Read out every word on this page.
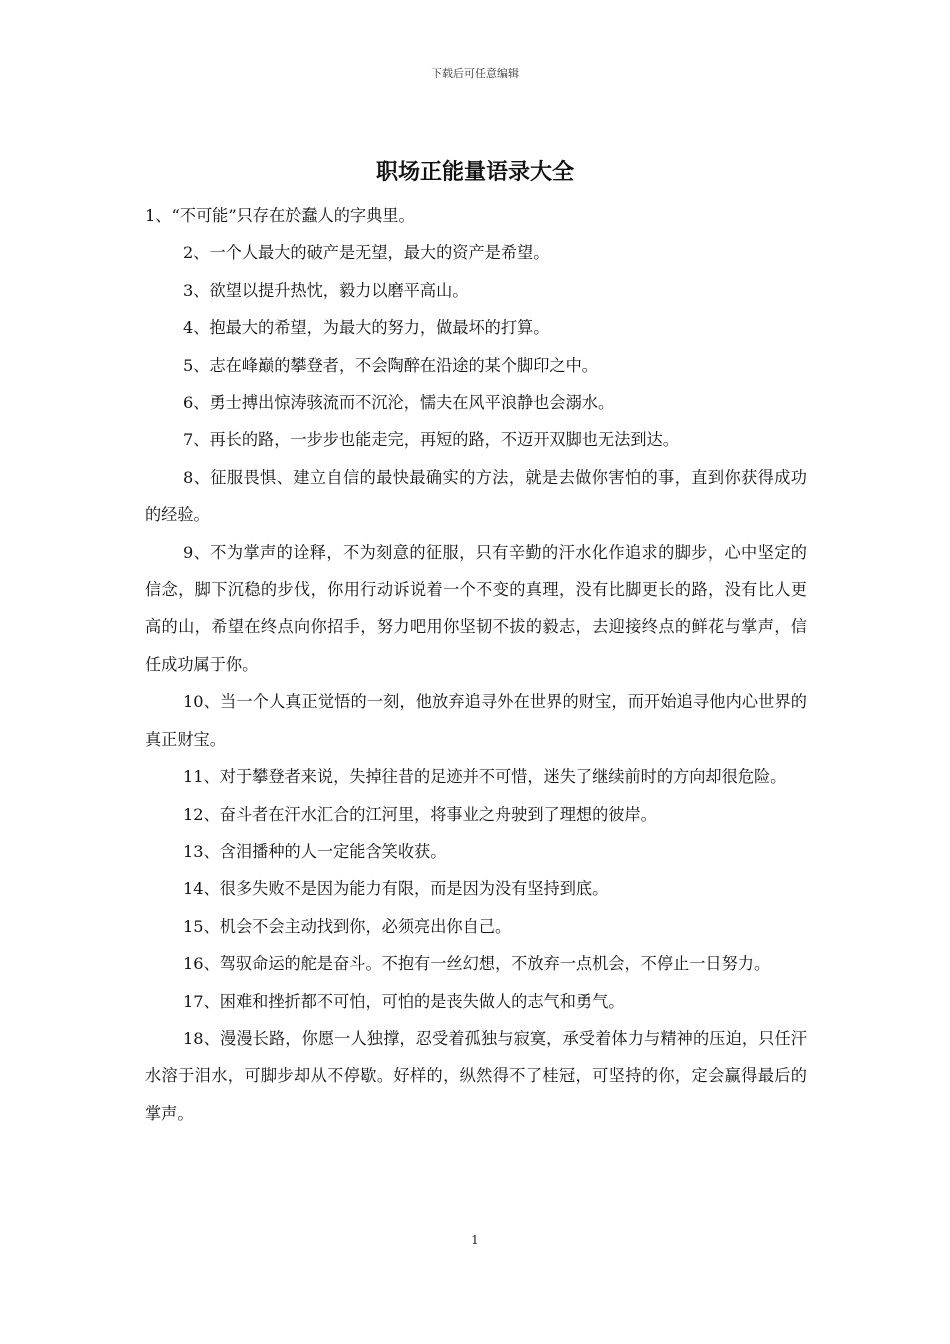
下载后可任意编辑
职场正能量语录大全

1、“不可能”只存在於蠢人的字典里。

2、一个人最大的破产是无望，最大的资产是希望。

3、欲望以提升热忱，毅力以磨平高山。

4、抱最大的希望，为最大的努力，做最坏的打算。

5、志在峰巅的攀登者，不会陶醉在沿途的某个脚印之中。

6、勇士搏出惊涛骇流而不沉沦，懦夫在风平浪静也会溺水。

7、再长的路，一步步也能走完，再短的路，不迈开双脚也无法到达。

8、征服畏惧、建立自信的最快最确实的方法，就是去做你害怕的事，直到你获得成功的经验。

9、不为掌声的诠释，不为刻意的征服，只有辛勤的汗水化作追求的脚步，心中坚定的信念，脚下沉稳的步伐，你用行动诉说着一个不变的真理，没有比脚更长的路，没有比人更高的山，希望在终点向你招手，努力吧用你坚韧不拔的毅志，去迎接终点的鲜花与掌声，信任成功属于你。

10、当一个人真正觉悟的一刻，他放弃追寻外在世界的财宝，而开始追寻他内心世界的真正财宝。

11、对于攀登者来说，失掉往昔的足迹并不可惜，迷失了继续前时的方向却很危险。

12、奋斗者在汗水汇合的江河里，将事业之舟驶到了理想的彼岸。

13、含泪播种的人一定能含笑收获。

14、很多失败不是因为能力有限，而是因为没有坚持到底。

15、机会不会主动找到你，必须亮出你自己。

16、驾驭命运的舵是奋斗。不抱有一丝幻想，不放弃一点机会，不停止一日努力。

17、困难和挫折都不可怕，可怕的是丧失做人的志气和勇气。

18、漫漫长路，你愿一人独撑，忍受着孤独与寂寞，承受着体力与精神的压迫，只任汗水溶于泪水，可脚步却从不停歇。好样的，纵然得不了桂冠，可坚持的你，定会赢得最后的掌声。

1
